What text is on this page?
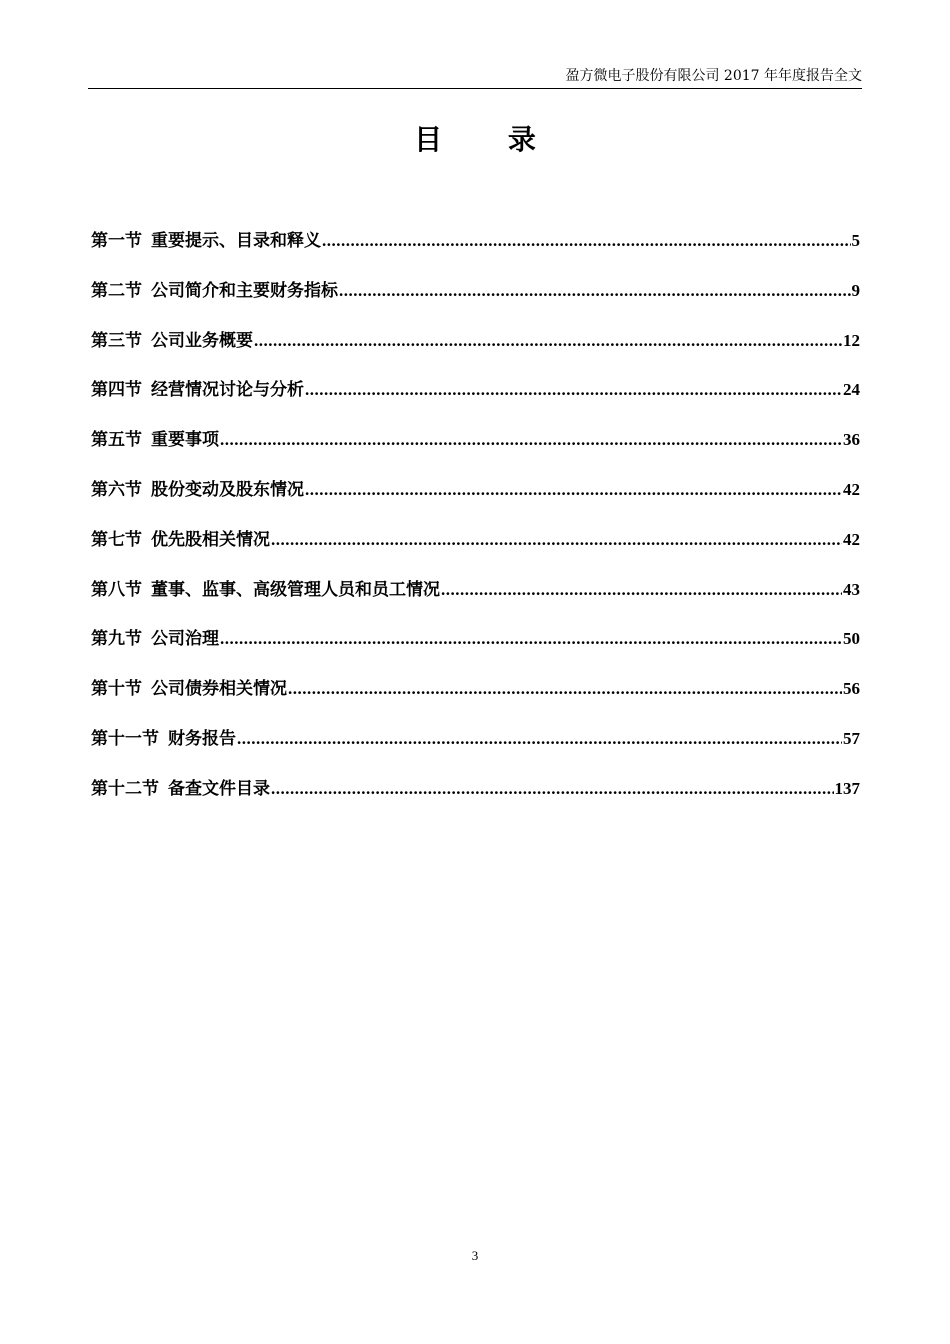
盈方微电子股份有限公司 2017 年年度报告全文
目 录
第一节 重要提示、目录和释义 .....	5
第二节 公司简介和主要财务指标 .....	9
第三节 公司业务概要 .....	12
第四节 经营情况讨论与分析 .....	24
第五节 重要事项 .....	36
第六节 股份变动及股东情况 .....	42
第七节 优先股相关情况 .....	42
第八节 董事、监事、高级管理人员和员工情况 .....	43
第九节 公司治理 .....	50
第十节 公司债券相关情况 .....	56
第十一节 财务报告 .....	57
第十二节 备查文件目录 .....	137
3
